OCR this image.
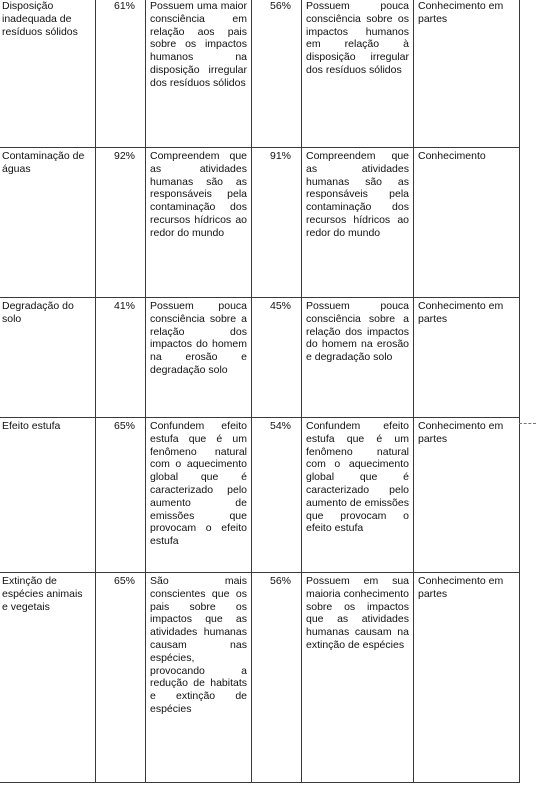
Disposição inadequada de resíduos sólidos	61%	Possuem uma maior consciência em relação aos pais sobre os impactos humanos na disposição irregular dos resíduos sólidos	56%	Possuem pouca consciência sobre os impactos humanos em relação à disposição irregular dos resíduos sólidos	Conhecimento em partes
Contaminação de águas	92%	Compreendem que as atividades humanas são as responsáveis pela contaminação dos recursos hídricos ao redor do mundo	91%	Compreendem que as atividades humanas são as responsáveis pela contaminação dos recursos hídricos ao redor do mundo	Conhecimento
Degradação do solo	41%	Possuem pouca consciência sobre a relação dos impactos do homem na erosão e degradação solo	45%	Possuem pouca consciência sobre a relação dos impactos do homem na erosão e degradação solo	Conhecimento em partes
Efeito estufa	65%	Confundem efeito estufa que é um fenômeno natural com o aquecimento global que é caracterizado pelo aumento de emissões que provocam o efeito estufa	54%	Confundem efeito estufa que é um fenômeno natural com o aquecimento global que é caracterizado pelo aumento de emissões que provocam o efeito estufa	Conhecimento em partes
Extinção de espécies animais e vegetais	65%	São mais conscientes que os pais sobre os impactos que as atividades humanas causam nas espécies, provocando a redução de habitats e extinção de espécies	56%	Possuem em sua maioria conhecimento sobre os impactos que as atividades humanas causam na extinção de espécies	Conhecimento em partes
